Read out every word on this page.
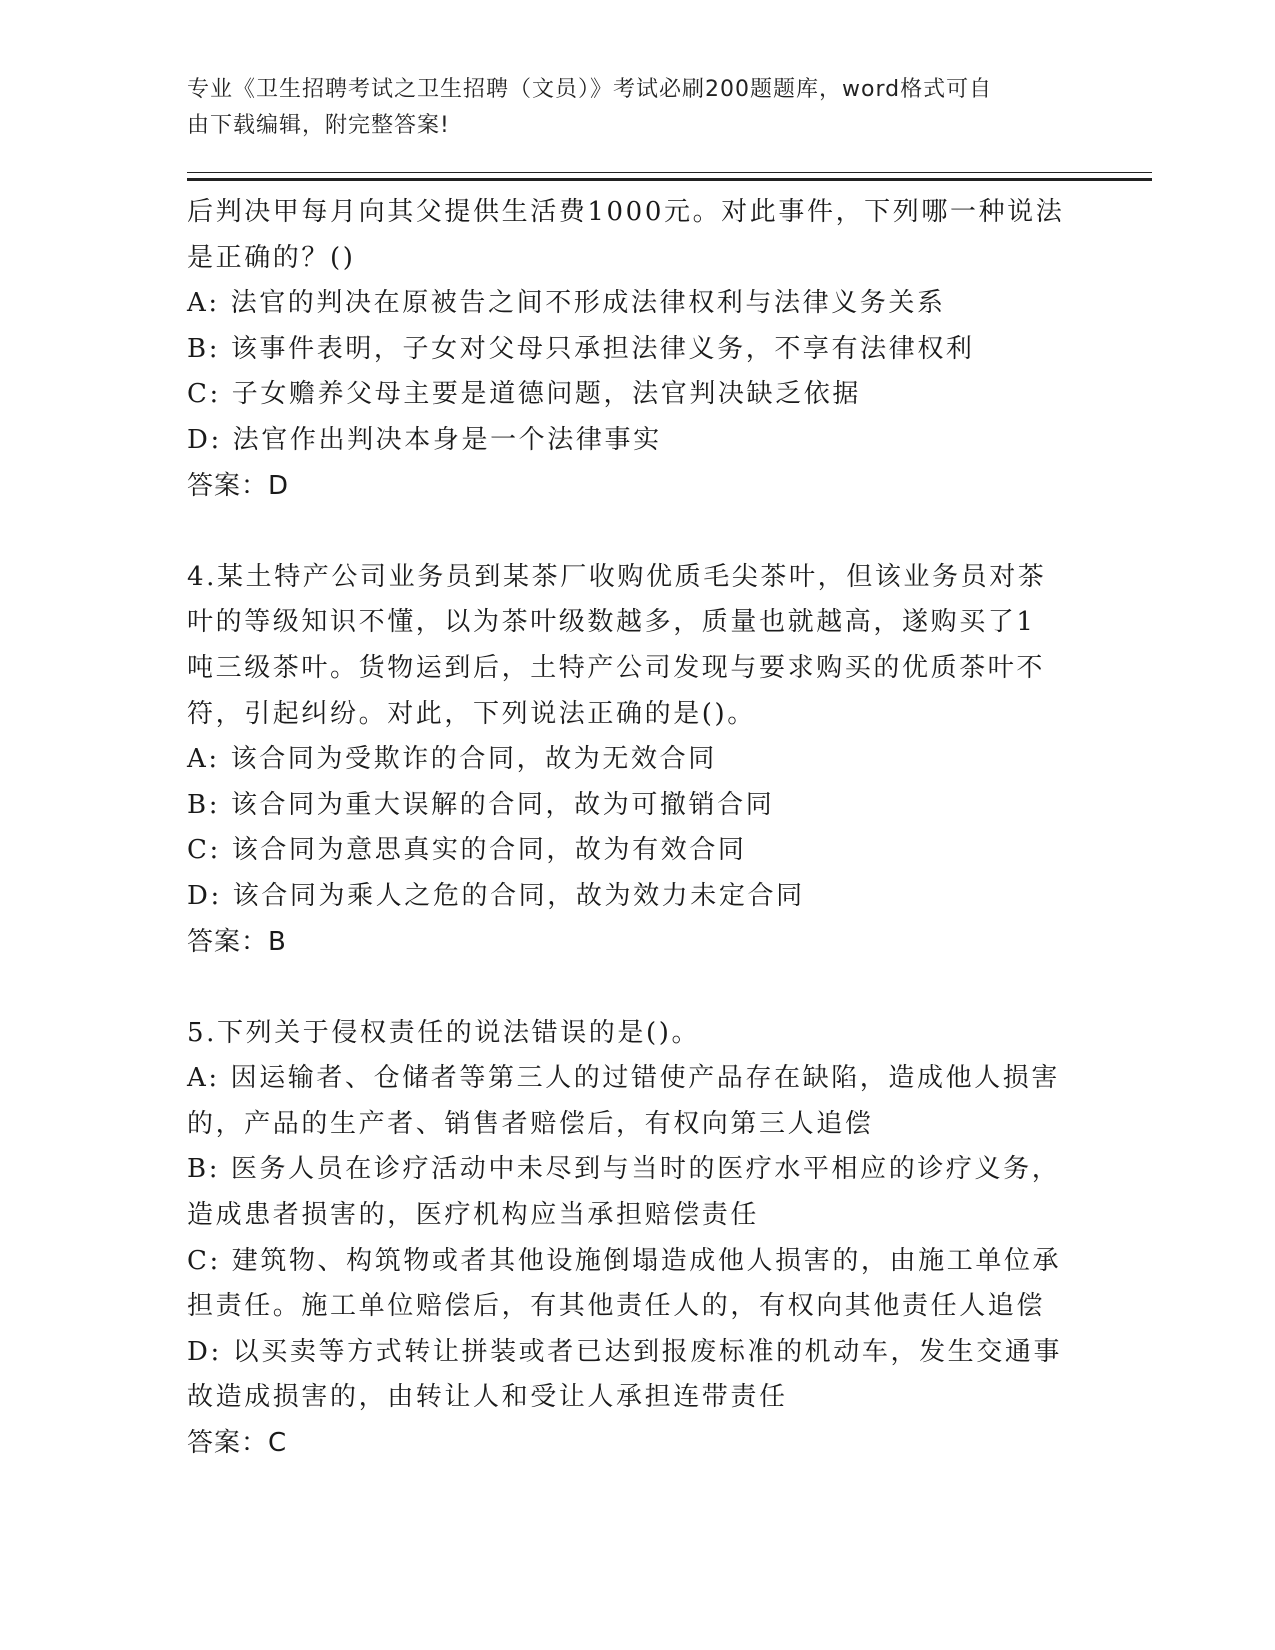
专业《卫生招聘考试之卫生招聘（文员）》考试必刷200题题库，word格式可自
由下载编辑，附完整答案!
后判决甲每月向其父提供生活费1000元。对此事件，下列哪一种说法
是正确的？()
A: 法官的判决在原被告之间不形成法律权利与法律义务关系
B: 该事件表明，子女对父母只承担法律义务，不享有法律权利
C: 子女赡养父母主要是道德问题，法官判决缺乏依据
D: 法官作出判决本身是一个法律事实
答案：D
4.某土特产公司业务员到某茶厂收购优质毛尖茶叶，但该业务员对茶
叶的等级知识不懂，以为茶叶级数越多，质量也就越高，遂购买了1
吨三级茶叶。货物运到后，土特产公司发现与要求购买的优质茶叶不
符，引起纠纷。对此，下列说法正确的是()。
A: 该合同为受欺诈的合同，故为无效合同
B: 该合同为重大误解的合同，故为可撤销合同
C: 该合同为意思真实的合同，故为有效合同
D: 该合同为乘人之危的合同，故为效力未定合同
答案：B
5.下列关于侵权责任的说法错误的是()。
A: 因运输者、仓储者等第三人的过错使产品存在缺陷，造成他人损害
的，产品的生产者、销售者赔偿后，有权向第三人追偿
B: 医务人员在诊疗活动中未尽到与当时的医疗水平相应的诊疗义务，
造成患者损害的，医疗机构应当承担赔偿责任
C: 建筑物、构筑物或者其他设施倒塌造成他人损害的，由施工单位承
担责任。施工单位赔偿后，有其他责任人的，有权向其他责任人追偿
D: 以买卖等方式转让拼装或者已达到报废标准的机动车，发生交通事
故造成损害的，由转让人和受让人承担连带责任
答案：C
